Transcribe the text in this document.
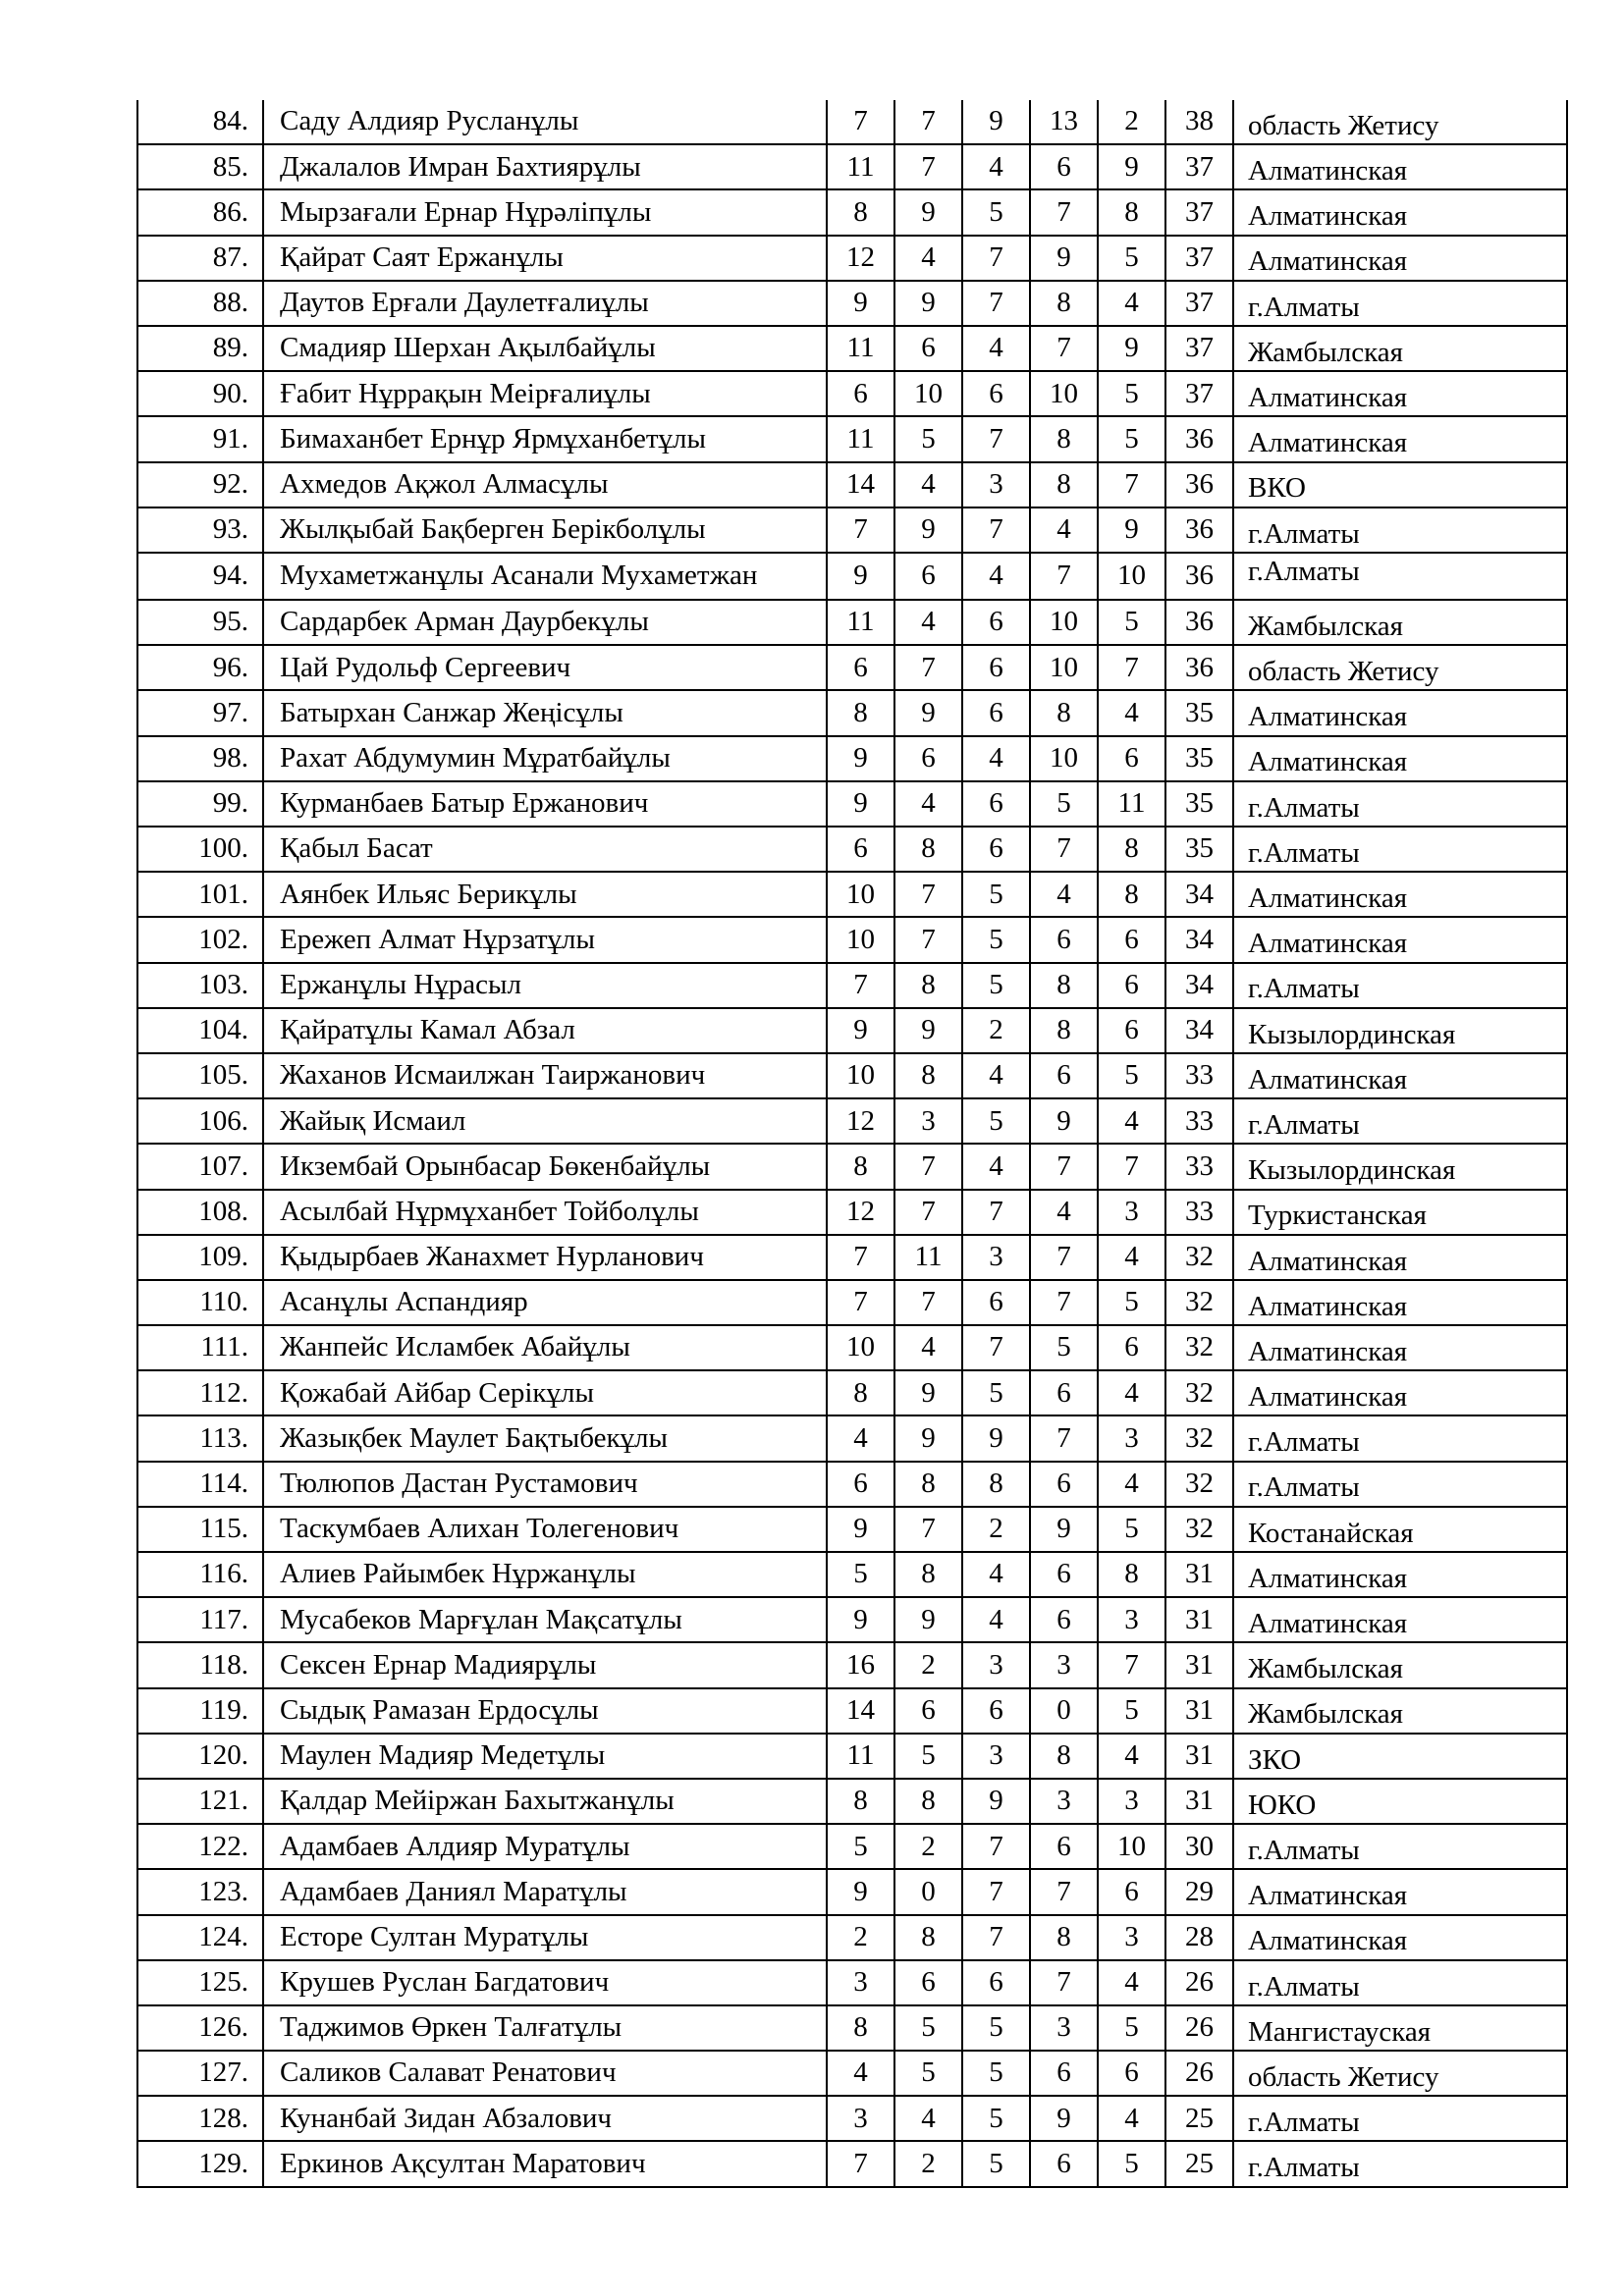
84.	Саду Алдияр Русланұлы	7	7	9	13	2	38	область Жетису
85.	Джалалов Имран Бахтиярұлы	11	7	4	6	9	37	Алматинская
86.	Мырзағали Ернар Нұрәліпұлы	8	9	5	7	8	37	Алматинская
87.	Қайрат Саят Ержанұлы	12	4	7	9	5	37	Алматинская
88.	Даутов Ерғали Даулетғалиұлы	9	9	7	8	4	37	г.Алматы
89.	Смадияр Шерхан Ақылбайұлы	11	6	4	7	9	37	Жамбылская
90.	Ғабит Нұррақын Меірғалиұлы	6	10	6	10	5	37	Алматинская
91.	Бимаханбет Ернұр Ярмұханбетұлы	11	5	7	8	5	36	Алматинская
92.	Ахмедов Ақжол Алмасұлы	14	4	3	8	7	36	ВКО
93.	Жылқыбай Бақберген Берікболұлы	7	9	7	4	9	36	г.Алматы
94.	Мухаметжанұлы Асанали Мухаметжан	9	6	4	7	10	36	г.Алматы
95.	Сардарбек Арман Даурбекұлы	11	4	6	10	5	36	Жамбылская
96.	Цай Рудольф Сергеевич	6	7	6	10	7	36	область Жетису
97.	Батырхан Санжар Жеңісұлы	8	9	6	8	4	35	Алматинская
98.	Рахат Абдумумин Мұратбайұлы	9	6	4	10	6	35	Алматинская
99.	Курманбаев Батыр Ержанович	9	4	6	5	11	35	г.Алматы
100.	Қабыл Басат	6	8	6	7	8	35	г.Алматы
101.	Аянбек Ильяс Берикұлы	10	7	5	4	8	34	Алматинская
102.	Ережеп Алмат Нұрзатұлы	10	7	5	6	6	34	Алматинская
103.	Ержанұлы Нұрасыл	7	8	5	8	6	34	г.Алматы
104.	Қайратұлы Камал Абзал	9	9	2	8	6	34	Кызылординская
105.	Жаханов Исмаилжан Таиржанович	10	8	4	6	5	33	Алматинская
106.	Жайық Исмаил	12	3	5	9	4	33	г.Алматы
107.	Икзембай Орынбасар Бөкенбайұлы	8	7	4	7	7	33	Кызылординская
108.	Асылбай Нұрмұханбет Тойболұлы	12	7	7	4	3	33	Туркистанская
109.	Қыдырбаев Жанахмет Нурланович	7	11	3	7	4	32	Алматинская
110.	Асанұлы Аспандияр	7	7	6	7	5	32	Алматинская
111.	Жанпейс Исламбек Абайұлы	10	4	7	5	6	32	Алматинская
112.	Қожабай Айбар Серікұлы	8	9	5	6	4	32	Алматинская
113.	Жазықбек Маулет Бақтыбекұлы	4	9	9	7	3	32	г.Алматы
114.	Тюлюпов Дастан Рустамович	6	8	8	6	4	32	г.Алматы
115.	Таскумбаев Алихан Толегенович	9	7	2	9	5	32	Костанайская
116.	Алиев Райымбек Нұржанұлы	5	8	4	6	8	31	Алматинская
117.	Мусабеков Марғұлан Мақсатұлы	9	9	4	6	3	31	Алматинская
118.	Сексен Ернар Мадиярұлы	16	2	3	3	7	31	Жамбылская
119.	Сыдық Рамазан Ердосұлы	14	6	6	0	5	31	Жамбылская
120.	Маулен Мадияр Медетұлы	11	5	3	8	4	31	ЗКО
121.	Қалдар Мейіржан Бахытжанұлы	8	8	9	3	3	31	ЮКО
122.	Адамбаев Алдияр Муратұлы	5	2	7	6	10	30	г.Алматы
123.	Адамбаев Даниял Маратұлы	9	0	7	7	6	29	Алматинская
124.	Есторе Султан Муратұлы	2	8	7	8	3	28	Алматинская
125.	Крушев Руслан Багдатович	3	6	6	7	4	26	г.Алматы
126.	Таджимов Өркен Талғатұлы	8	5	5	3	5	26	Мангистауская
127.	Саликов Салават Ренатович	4	5	5	6	6	26	область Жетису
128.	Кунанбай Зидан Абзалович	3	4	5	9	4	25	г.Алматы
129.	Еркинов Ақсултан Маратович	7	2	5	6	5	25	г.Алматы
